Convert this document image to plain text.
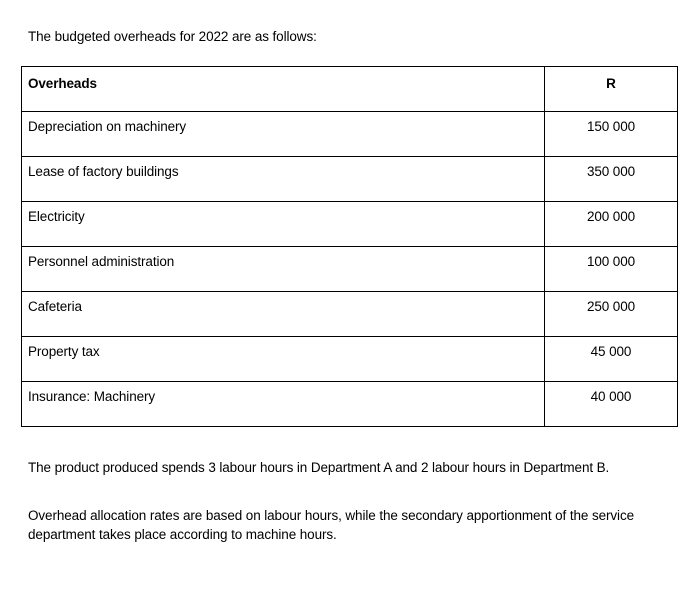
The budgeted overheads for 2022 are as follows:
Overheads	R
Depreciation on machinery	150 000
Lease of factory buildings	350 000
Electricity	200 000
Personnel administration	100 000
Cafeteria	250 000
Property tax	45 000
Insurance: Machinery	40 000
The product produced spends 3 labour hours in Department A and 2 labour hours in Department B.
Overhead allocation rates are based on labour hours, while the secondary apportionment of the service department takes place according to machine hours.
